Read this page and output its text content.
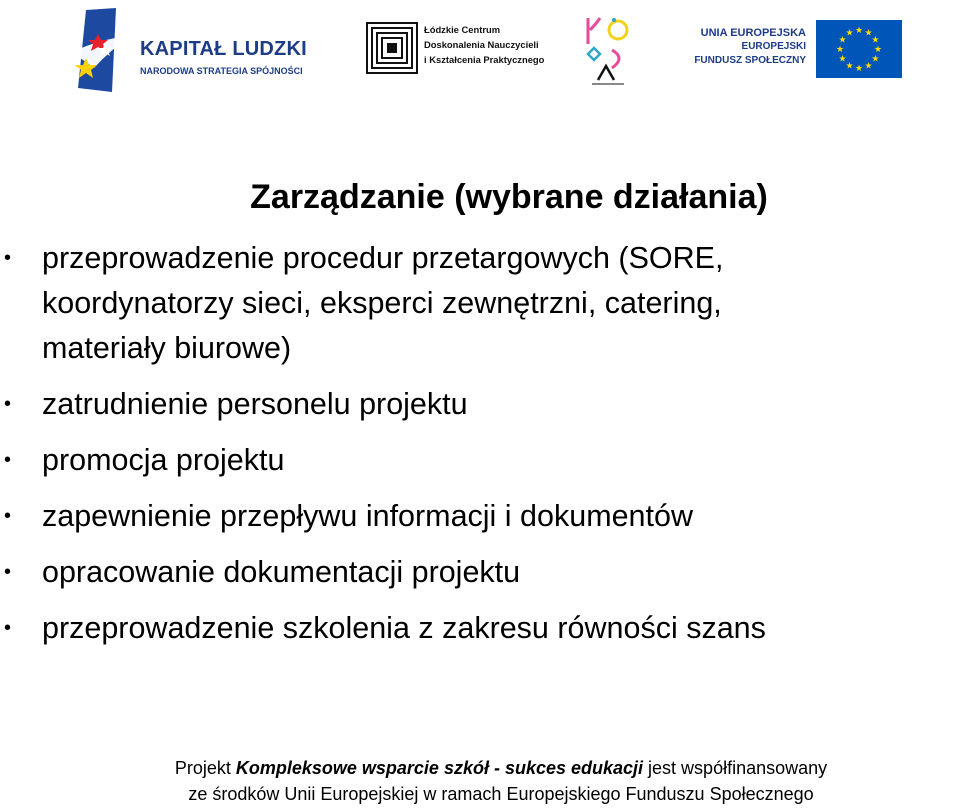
KAPITAŁ LUDZKI
NARODOWA STRATEGIA SPÓJNOŚCI
Łódzkie Centrum
Doskonalenia Nauczycieli
i Kształcenia Praktycznego
UNIA EUROPEJSKA
EUROPEJSKI
FUNDUSZ SPOŁECZNY
★ ★
★
★
★
★
★
★
★
★
★
★
Zarządzanie (wybrane działania)
• przeprowadzenie procedur przetargowych (SORE,
koordynatorzy sieci, eksperci zewnętrzni, catering,
materiały biurowe)
• zatrudnienie personelu projektu
• promocja projektu
• zapewnienie przepływu informacji i dokumentów
• opracowanie dokumentacji projektu
• przeprowadzenie szkolenia z zakresu równości szans
Projekt Kompleksowe wsparcie szkół - sukces edukacji jest współfinansowany
ze środków Unii Europejskiej w ramach Europejskiego Funduszu Społecznego
